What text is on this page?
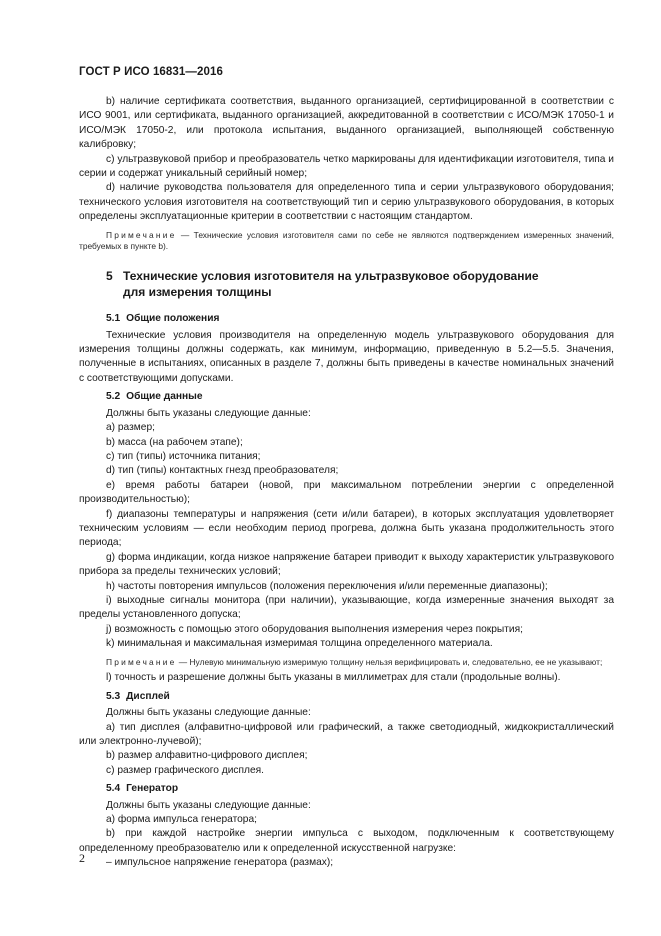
ГОСТ Р ИСО 16831—2016

b) наличие сертификата соответствия, выданного организацией, сертифицированной в соответствии с ИСО 9001, или сертификата, выданного организацией, аккредитованной в соответствии с ИСО/МЭК 17050-1 и ИСО/МЭК 17050-2, или протокола испытания, выданного организацией, выполняющей собственную калибровку;

c) ультразвуковой прибор и преобразователь четко маркированы для идентификации изготовителя, типа и серии и содержат уникальный серийный номер;

d) наличие руководства пользователя для определенного типа и серии ультразвукового оборудования; технического условия изготовителя на соответствующий тип и серию ультразвукового оборудования, в которых определены эксплуатационные критерии в соответствии с настоящим стандартом.

Примечание — Технические условия изготовителя сами по себе не являются подтверждением измеренных значений, требуемых в пункте b).

5 Технические условия изготовителя на ультразвуковое оборудование
для измерения толщины
5.1 Общие положения

Технические условия производителя на определенную модель ультразвукового оборудования для измерения толщины должны содержать, как минимум, информацию, приведенную в 5.2—5.5. Значения, полученные в испытаниях, описанных в разделе 7, должны быть приведены в качестве номинальных значений с соответствующими допусками.

5.2 Общие данные

Должны быть указаны следующие данные:

a) размер;

b) масса (на рабочем этапе);

c) тип (типы) источника питания;

d) тип (типы) контактных гнезд преобразователя;

e) время работы батареи (новой, при максимальном потреблении энергии с определенной производительностью);

f) диапазоны температуры и напряжения (сети и/или батареи), в которых эксплуатация удовлетворяет техническим условиям — если необходим период прогрева, должна быть указана продолжительность этого периода;

g) форма индикации, когда низкое напряжение батареи приводит к выходу характеристик ультразвукового прибора за пределы технических условий;

h) частоты повторения импульсов (положения переключения и/или переменные диапазоны);

i) выходные сигналы монитора (при наличии), указывающие, когда измеренные значения выходят за пределы установленного допуска;

j) возможность с помощью этого оборудования выполнения измерения через покрытия;

k) минимальная и максимальная измеримая толщина определенного материала.

Примечание — Нулевую минимальную измеримую толщину нельзя верифицировать и, следовательно, ее не указывают;

l) точность и разрешение должны быть указаны в миллиметрах для стали (продольные волны).

5.3 Дисплей

Должны быть указаны следующие данные:

a) тип дисплея (алфавитно-цифровой или графический, а также светодиодный, жидкокристаллический или электронно-лучевой);

b) размер алфавитно-цифрового дисплея;

c) размер графического дисплея.

5.4 Генератор

Должны быть указаны следующие данные:

a) форма импульса генератора;

b) при каждой настройке энергии импульса с выходом, подключенным к соответствующему определенному преобразователю или к определенной искусственной нагрузке:

– импульсное напряжение генератора (размах);

2
